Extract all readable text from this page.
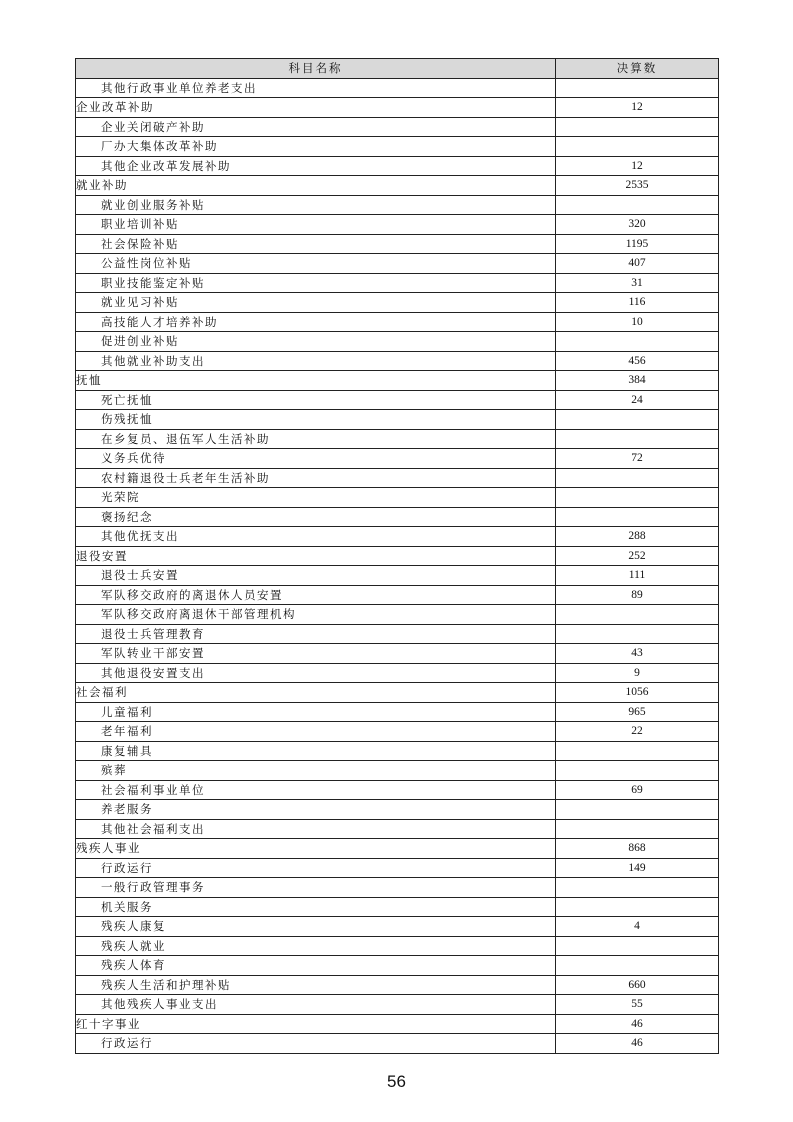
科目名称	决算数
其他行政事业单位养老支出	
企业改革补助	12
企业关闭破产补助	
厂办大集体改革补助	
其他企业改革发展补助	12
就业补助	2535
就业创业服务补贴	
职业培训补贴	320
社会保险补贴	1195
公益性岗位补贴	407
职业技能鉴定补贴	31
就业见习补贴	116
高技能人才培养补助	10
促进创业补贴	
其他就业补助支出	456
抚恤	384
死亡抚恤	24
伤残抚恤	
在乡复员、退伍军人生活补助	
义务兵优待	72
农村籍退役士兵老年生活补助	
光荣院	
褒扬纪念	
其他优抚支出	288
退役安置	252
退役士兵安置	111
军队移交政府的离退休人员安置	89
军队移交政府离退休干部管理机构	
退役士兵管理教育	
军队转业干部安置	43
其他退役安置支出	9
社会福利	1056
儿童福利	965
老年福利	22
康复辅具	
殡葬	
社会福利事业单位	69
养老服务	
其他社会福利支出	
残疾人事业	868
行政运行	149
一般行政管理事务	
机关服务	
残疾人康复	4
残疾人就业	
残疾人体育	
残疾人生活和护理补贴	660
其他残疾人事业支出	55
红十字事业	46
行政运行	46
56
